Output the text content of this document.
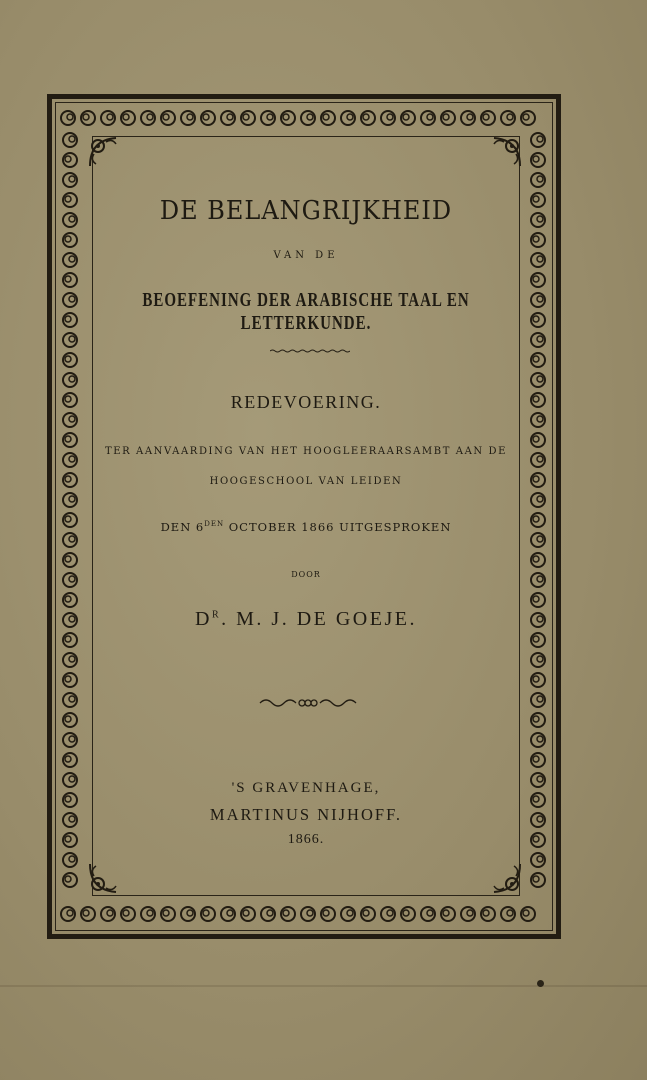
DE BELANGRIJKHEID

VAN DE

BEOEFENING DER ARABISCHE TAAL EN LETTERKUNDE.

REDEVOERING.

TER AANVAARDING VAN HET HOOGLEERAARSAMBT AAN DE

HOOGESCHOOL VAN LEIDEN

DEN $6^{DEN}$ OCTOBER 1866 UITGESPROKEN

DOOR

$D^R$. M. J. DE GOEJE.

'S GRAVENHAGE,

MARTINUS NIJHOFF.

1866.
